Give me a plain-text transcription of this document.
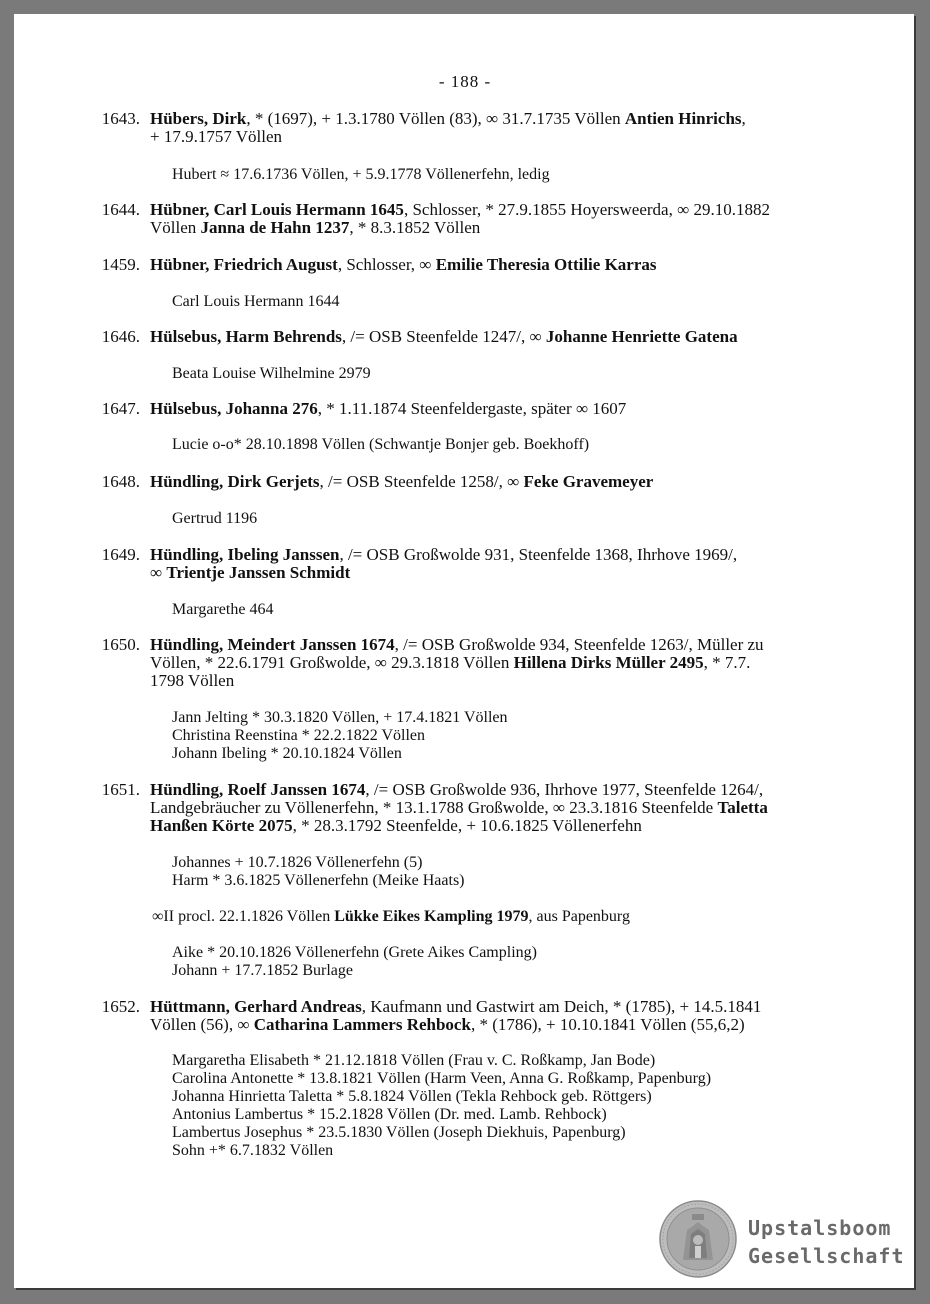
- 188 -
1643. Hübers, Dirk, * (1697), + 1.3.1780 Völlen (83), ∞ 31.7.1735 Völlen Antien Hinrichs,
+ 17.9.1757 Völlen
Hubert ≈ 17.6.1736 Völlen, + 5.9.1778 Völlenerfehn, ledig
1644. Hübner, Carl Louis Hermann 1645, Schlosser, * 27.9.1855 Hoyersweerda, ∞ 29.10.1882
Völlen Janna de Hahn 1237, * 8.3.1852 Völlen
1459. Hübner, Friedrich August, Schlosser, ∞ Emilie Theresia Ottilie Karras
Carl Louis Hermann 1644
1646. Hülsebus, Harm Behrends, /= OSB Steenfelde 1247/, ∞ Johanne Henriette Gatena
Beata Louise Wilhelmine 2979
1647. Hülsebus, Johanna 276, * 1.11.1874 Steenfeldergaste, später ∞ 1607
Lucie o-o* 28.10.1898 Völlen (Schwantje Bonjer geb. Boekhoff)
1648. Hündling, Dirk Gerjets, /= OSB Steenfelde 1258/, ∞ Feke Gravemeyer
Gertrud 1196
1649. Hündling, Ibeling Janssen, /= OSB Großwolde 931, Steenfelde 1368, Ihrhove 1969/,
∞ Trientje Janssen Schmidt
Margarethe 464
1650. Hündling, Meindert Janssen 1674, /= OSB Großwolde 934, Steenfelde 1263/, Müller zu
Völlen, * 22.6.1791 Großwolde, ∞ 29.3.1818 Völlen Hillena Dirks Müller 2495, * 7.7.
1798 Völlen
Jann Jelting * 30.3.1820 Völlen, + 17.4.1821 Völlen
Christina Reenstina * 22.2.1822 Völlen
Johann Ibeling * 20.10.1824 Völlen
1651. Hündling, Roelf Janssen 1674, /= OSB Großwolde 936, Ihrhove 1977, Steenfelde 1264/,
Landgebräucher zu Völlenerfehn, * 13.1.1788 Großwolde, ∞ 23.3.1816 Steenfelde Taletta
Hanßen Körte 2075, * 28.3.1792 Steenfelde, + 10.6.1825 Völlenerfehn
Johannes + 10.7.1826 Völlenerfehn (5)
Harm * 3.6.1825 Völlenerfehn (Meike Haats)
∞II procl. 22.1.1826 Völlen Lükke Eikes Kampling 1979, aus Papenburg
Aike * 20.10.1826 Völlenerfehn (Grete Aikes Campling)
Johann + 17.7.1852 Burlage
1652. Hüttmann, Gerhard Andreas, Kaufmann und Gastwirt am Deich, * (1785), + 14.5.1841
Völlen (56), ∞ Catharina Lammers Rehbock, * (1786), + 10.10.1841 Völlen (55,6,2)
Margaretha Elisabeth * 21.12.1818 Völlen (Frau v. C. Roßkamp, Jan Bode)
Carolina Antonette * 13.8.1821 Völlen (Harm Veen, Anna G. Roßkamp, Papenburg)
Johanna Hinrietta Taletta * 5.8.1824 Völlen (Tekla Rehbock geb. Röttgers)
Antonius Lambertus * 15.2.1828 Völlen (Dr. med. Lamb. Rehbock)
Lambertus Josephus * 23.5.1830 Völlen (Joseph Diekhuis, Papenburg)
Sohn +* 6.7.1832 Völlen
Upstalsboom
Gesellschaft
